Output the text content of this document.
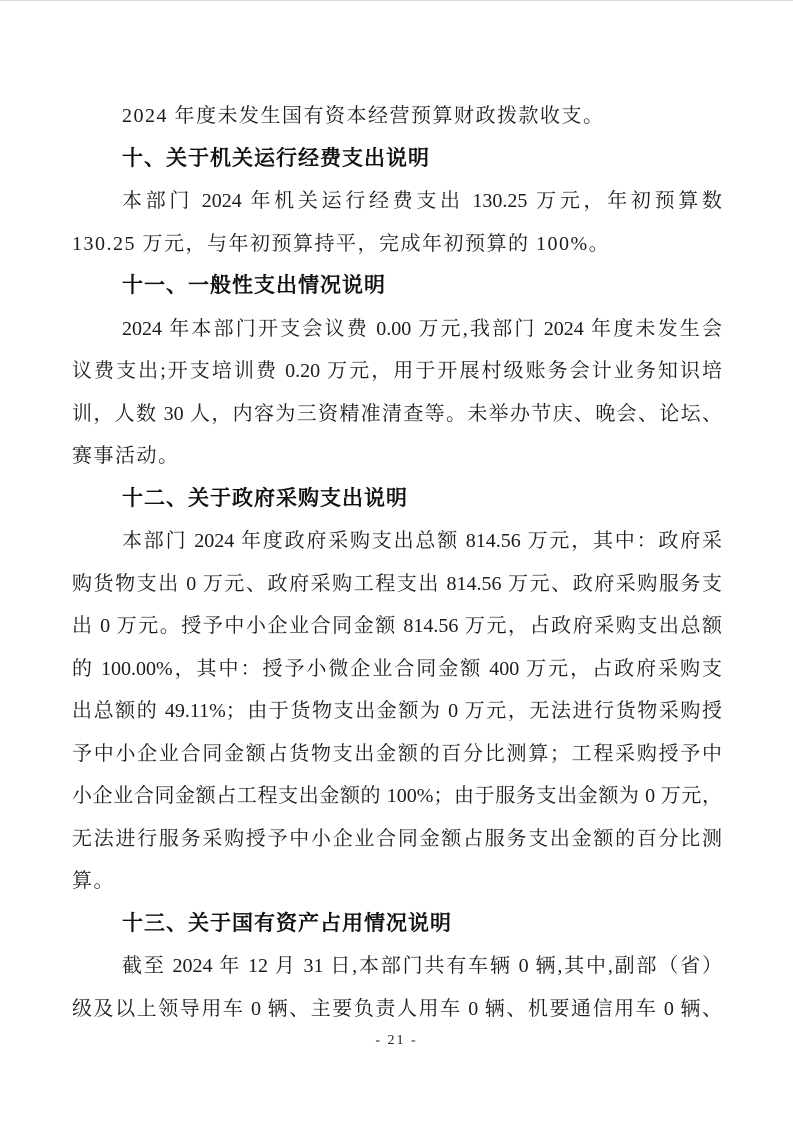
2024 年度未发生国有资本经营预算财政拨款收支。
十、关于机关运行经费支出说明
本部门 2024 年机关运行经费支出 130.25 万元，年初预算数
130.25 万元，与年初预算持平，完成年初预算的 100%。
十一、一般性支出情况说明
2024 年本部门开支会议费 0.00 万元,我部门 2024 年度未发生会
议费支出;开支培训费 0.20 万元，用于开展村级账务会计业务知识培
训，人数 30 人，内容为三资精准清查等。未举办节庆、晚会、论坛、
赛事活动。
十二、关于政府采购支出说明
本部门 2024 年度政府采购支出总额 814.56 万元，其中：政府采
购货物支出 0 万元、政府采购工程支出 814.56 万元、政府采购服务支
出 0 万元。授予中小企业合同金额 814.56 万元，占政府采购支出总额
的 100.00%，其中：授予小微企业合同金额 400 万元，占政府采购支
出总额的 49.11%；由于货物支出金额为 0 万元，无法进行货物采购授
予中小企业合同金额占货物支出金额的百分比测算；工程采购授予中
小企业合同金额占工程支出金额的 100%；由于服务支出金额为 0 万元，
无法进行服务采购授予中小企业合同金额占服务支出金额的百分比测
算。
十三、关于国有资产占用情况说明
截至 2024 年 12 月 31 日,本部门共有车辆 0 辆,其中,副部（省）
级及以上领导用车 0 辆、主要负责人用车 0 辆、机要通信用车 0 辆、
- 21 -
